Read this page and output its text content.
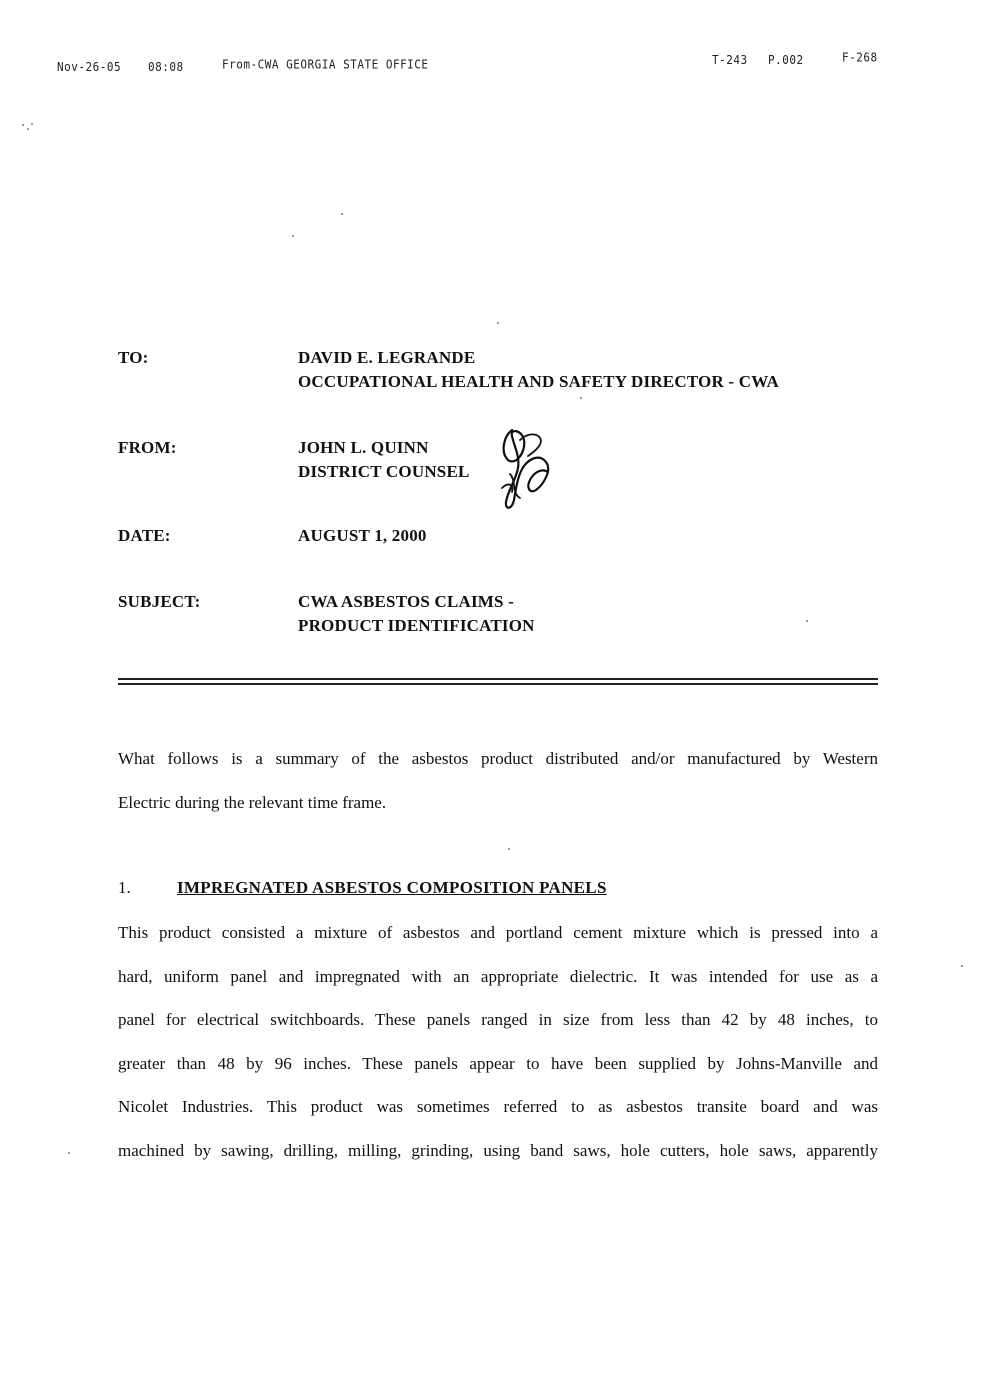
Nov-26-05 08:08	From-CWA GEORGIA STATE OFFICE	T-243 P.002	F-268
TO:	DAVID E. LEGRANDE
OCCUPATIONAL HEALTH AND SAFETY DIRECTOR - CWA
FROM:	JOHN L. QUINN
DISTRICT COUNSEL
DATE:	AUGUST 1, 2000
SUBJECT:	CWA ASBESTOS CLAIMS -
PRODUCT IDENTIFICATION
What follows is a summary of the asbestos product distributed and/or manufactured by Western
Electric during the relevant time frame.
1.	IMPREGNATED ASBESTOS COMPOSITION PANELS
This product consisted a mixture of asbestos and portland cement mixture which is pressed into a
hard, uniform panel and impregnated with an appropriate dielectric. It was intended for use as a
panel for electrical switchboards. These panels ranged in size from less than 42 by 48 inches, to
greater than 48 by 96 inches. These panels appear to have been supplied by Johns-Manville and
Nicolet Industries. This product was sometimes referred to as asbestos transite board and was
machined by sawing, drilling, milling, grinding, using band saws, hole cutters, hole saws, apparently
